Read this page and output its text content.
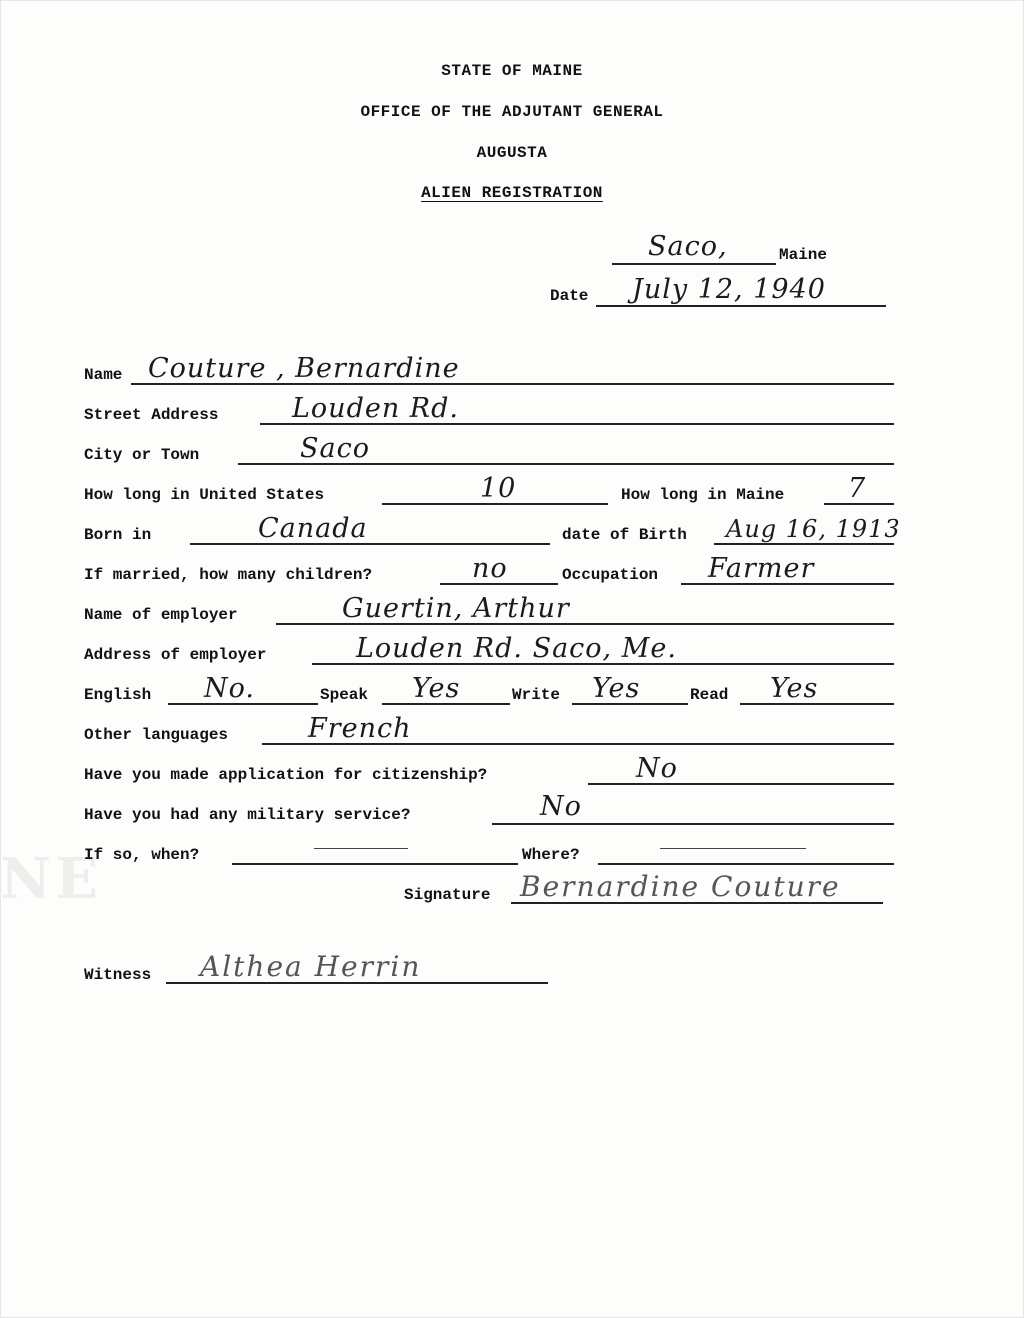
NE
STATE OF MAINE
OFFICE OF THE ADJUTANT GENERAL
AUGUSTA
ALIEN REGISTRATION
Saco,	Maine
Date July 12, 1940
Name Couture , Bernardine
Street Address	Louden Rd.
City or Town	Saco
How long in United States	10	How long in Maine 7
Born in	Canada	date of Birth Aug 16, 1913
If married, how many children?	no	Occupation Farmer
Name of employer	Guertin, Arthur
Address of employer	Louden Rd. Saco, Me.
English No.	Speak Yes	Write Yes	Read Yes
Other languages	French
Have you made application for citizenship?	No
Have you had any military service?	No
If so, when?	Where?
Signature Bernardine Couture
Witness Althea Herrin
